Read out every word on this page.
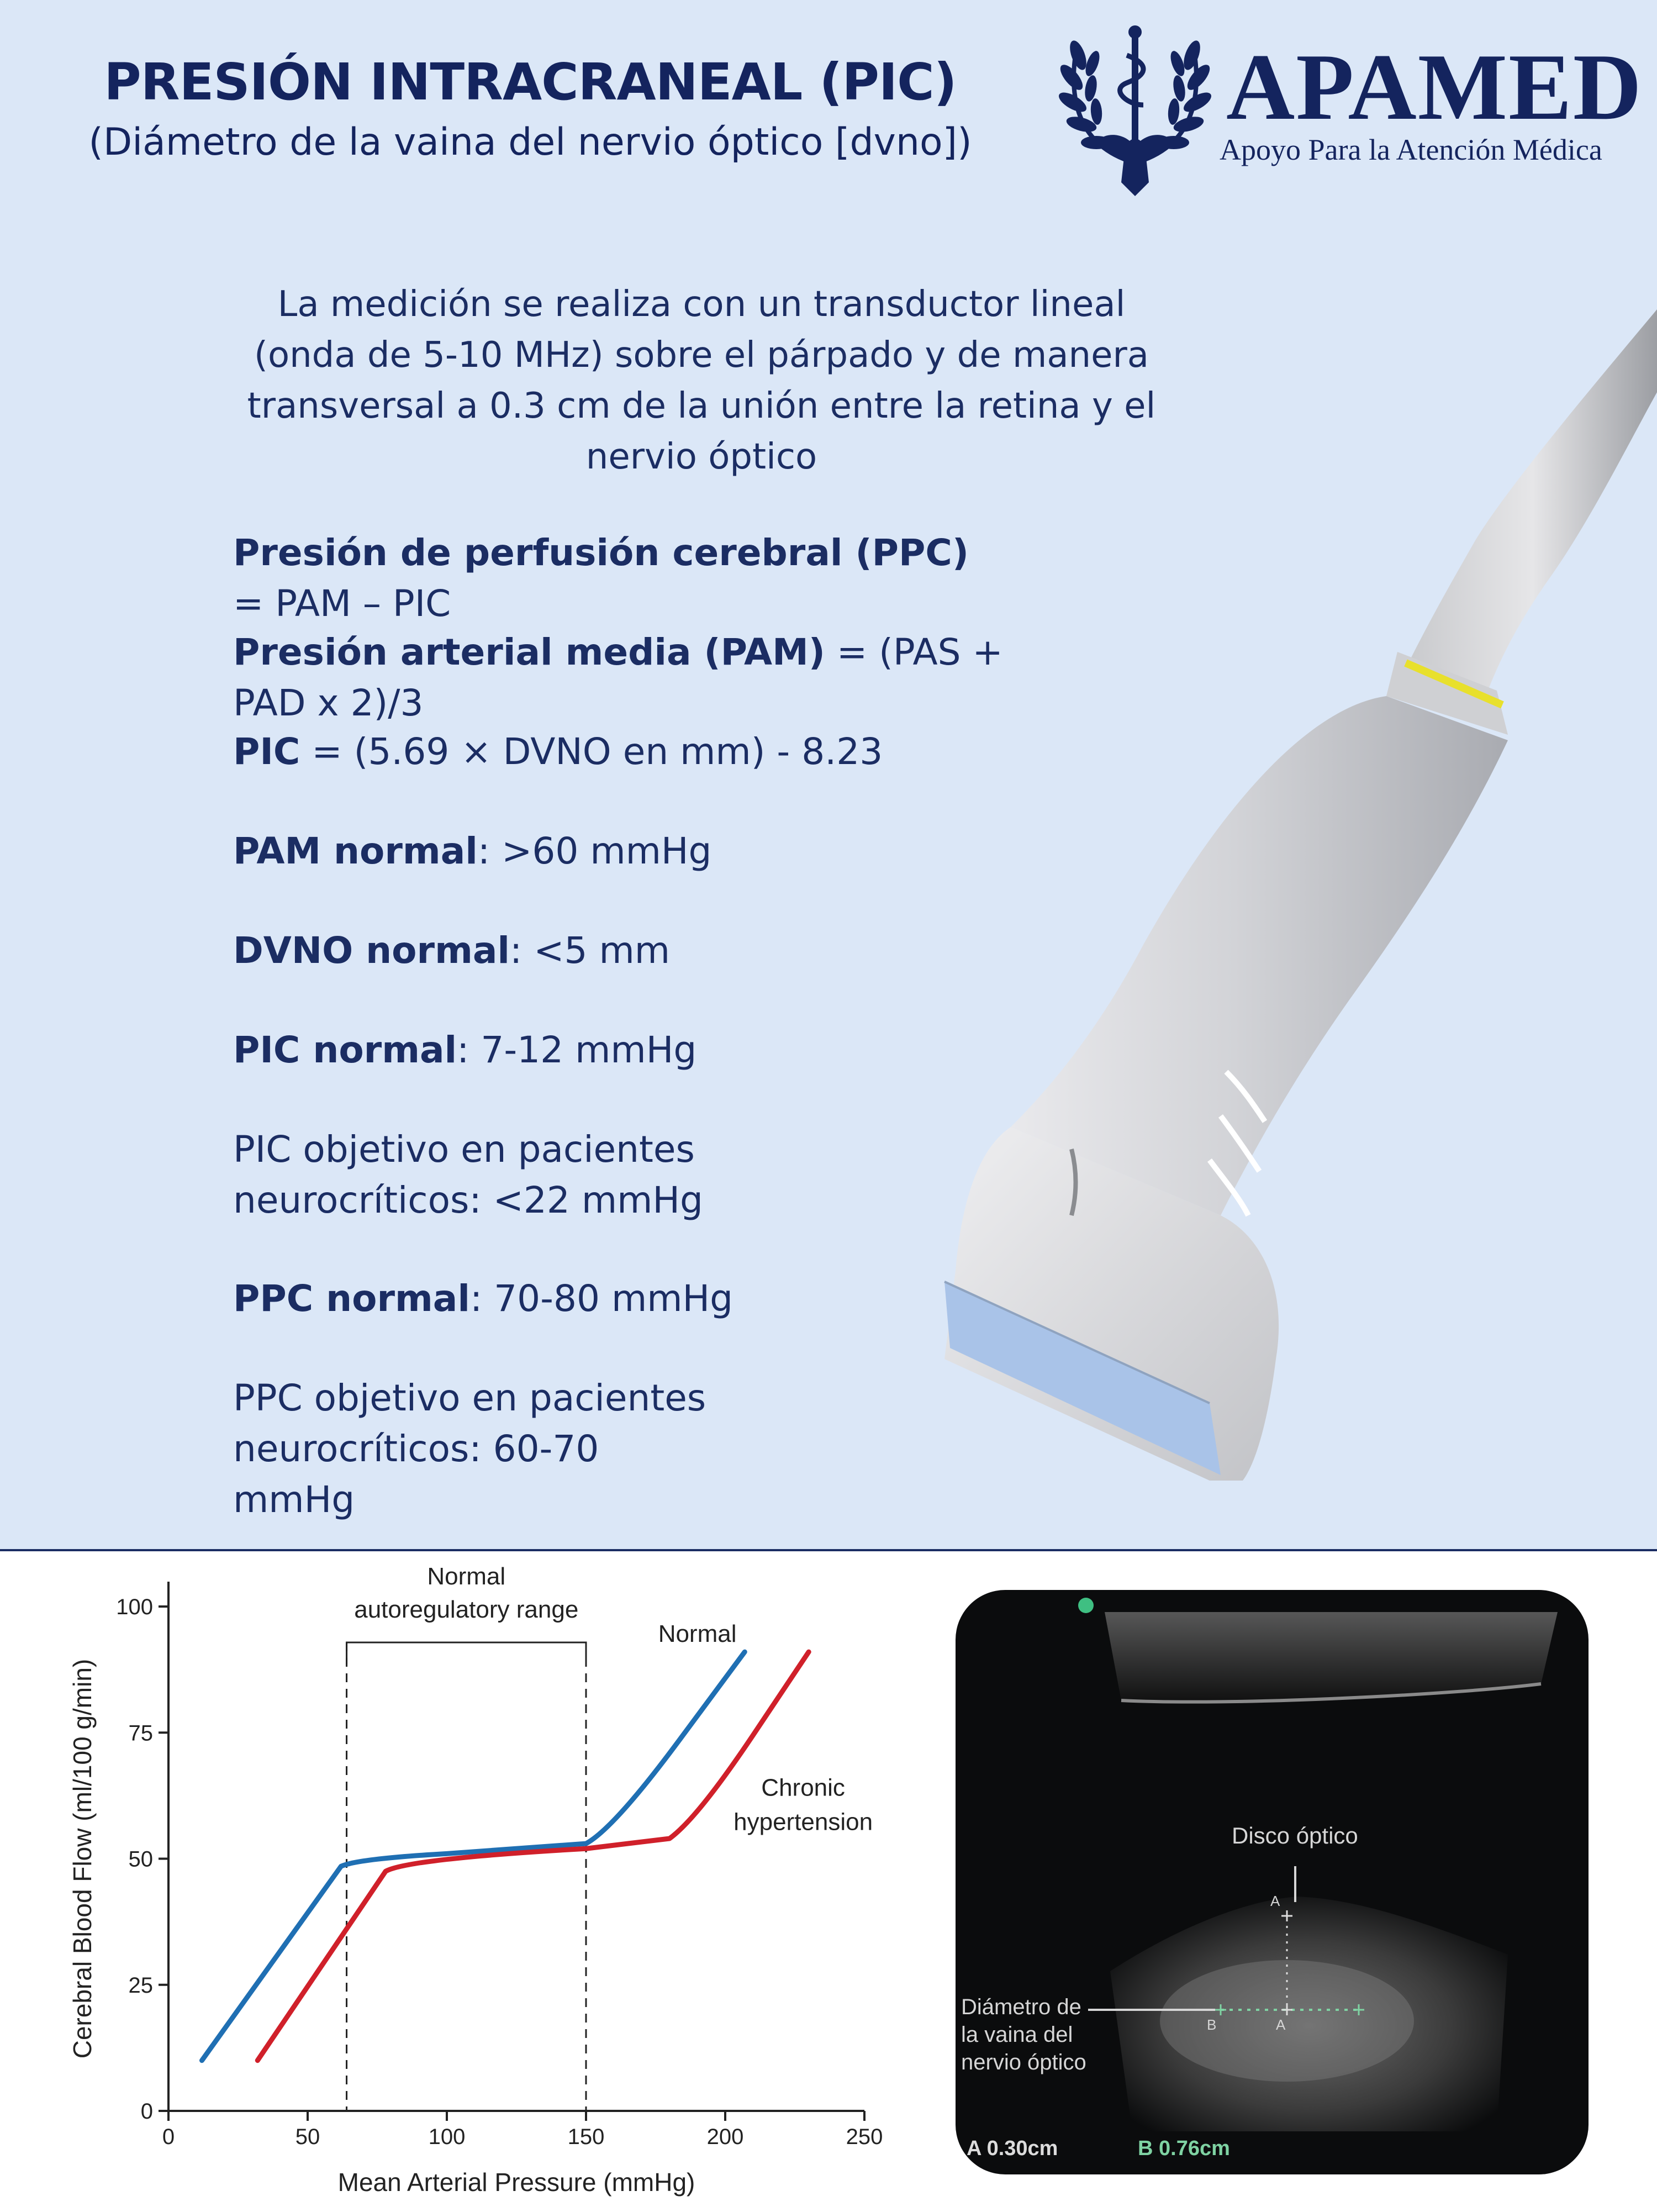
PRESIÓN INTRACRANEAL (PIC)
(Diámetro de la vaina del nervio óptico [dvno])
APAMED
Apoyo Para la Atención Médica
La medición se realiza con un transductor lineal (onda de 5-10 MHz) sobre el párpado y de manera transversal a 0.3 cm de la unión entre la retina y el nervio óptico
Presión de perfusión cerebral (PPC) = PAM – PIC
Presión arterial media (PAM) = (PAS + PAD x 2)/3
PIC = (5.69 × DVNO en mm) - 8.23
PAM normal: >60 mmHg
DVNO normal: <5 mm
PIC normal: 7-12 mmHg
PIC objetivo en pacientes neurocríticos: <22 mmHg
PPC normal: 70-80 mmHg
PPC objetivo en pacientes neurocríticos: 60-70 mmHg
0	50	100	150	200	250
0
25
50
75
100
Mean Arterial Pressure (mmHg)
Cerebral Blood Flow (ml/100 g/min)
Normal
autoregulatory range
Normal
Chronic
hypertension
Disco óptico
Diámetro de la vaina del nervio óptico
A
A
B
A 0.30cm	B 0.76cm
